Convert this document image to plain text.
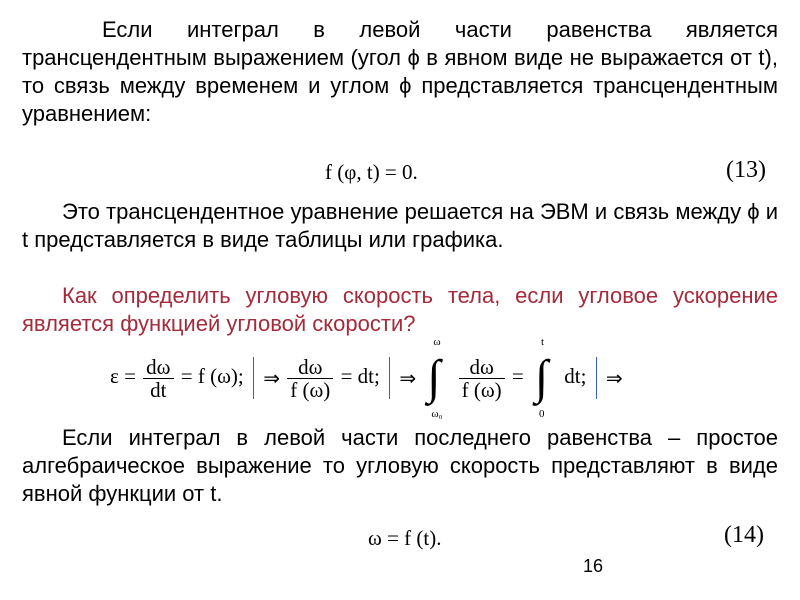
Если интеграл в левой части равенства является трансцендентным выражением (угол ϕ в явном виде не выражается от t), то связь между временем и углом ϕ представляется трансцендентным уравнением:
f (φ, t) = 0.	(13)
Это трансцендентное уравнение решается на ЭВМ и связь между ϕ и t представляется в виде таблицы или графика.
Как определить угловую скорость тела, если угловое ускорение является функцией угловой скорости?
$\varepsilon = \frac{d\omega}{dt} = f$ (ω); ⇒ $\frac{d\omega}{f (\omega)}$ = dt; ⇒
ω
∫
ω₀

$\frac{d\omega}{f (\omega)}$ =
t
∫
0
dt; ⇒
Если интеграл в левой части последнего равенства – простое алгебраическое выражение то угловую скорость представляют в виде явной функции от t.
ω = f (t).	(14)
16
